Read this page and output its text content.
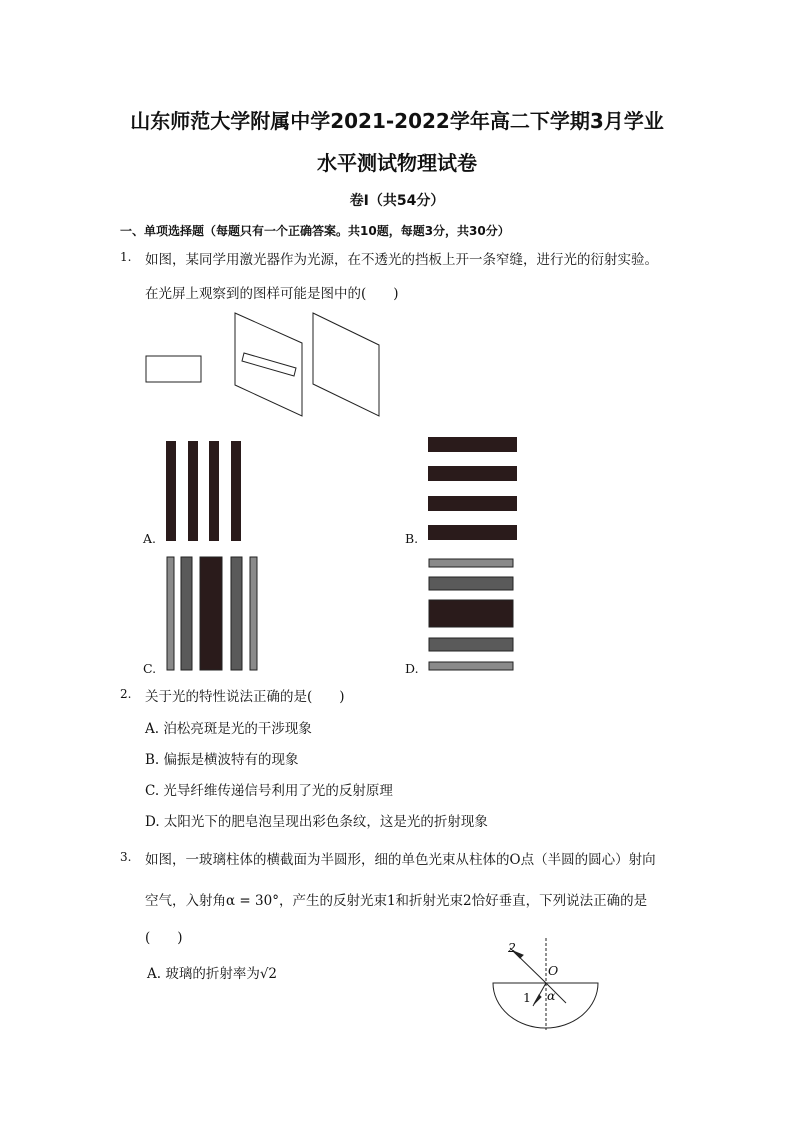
山东师范大学附属中学2021-2022学年高二下学期3月学业
水平测试物理试卷
卷Ⅰ（共54分）
一、单项选择题（每题只有一个正确答案。共10题，每题3分，共30分）
1. 如图，某同学用激光器作为光源，在不透光的挡板上开一条窄缝，进行光的衍射实验。
在光屏上观察到的图样可能是图中的(　　)
A.	B.
C.	D.
2. 关于光的特性说法正确的是(　　)
A. 泊松亮斑是光的干涉现象
B. 偏振是横波特有的现象
C. 光导纤维传递信号利用了光的反射原理
D. 太阳光下的肥皂泡呈现出彩色条纹，这是光的折射现象
3. 如图，一玻璃柱体的横截面为半圆形，细的单色光束从柱体的O点（半圆的圆心）射向
空气，入射角α = 30°，产生的反射光束1和折射光束2恰好垂直，下列说法正确的是
(　　)
A. 玻璃的折射率为√2
2
O
1 α
